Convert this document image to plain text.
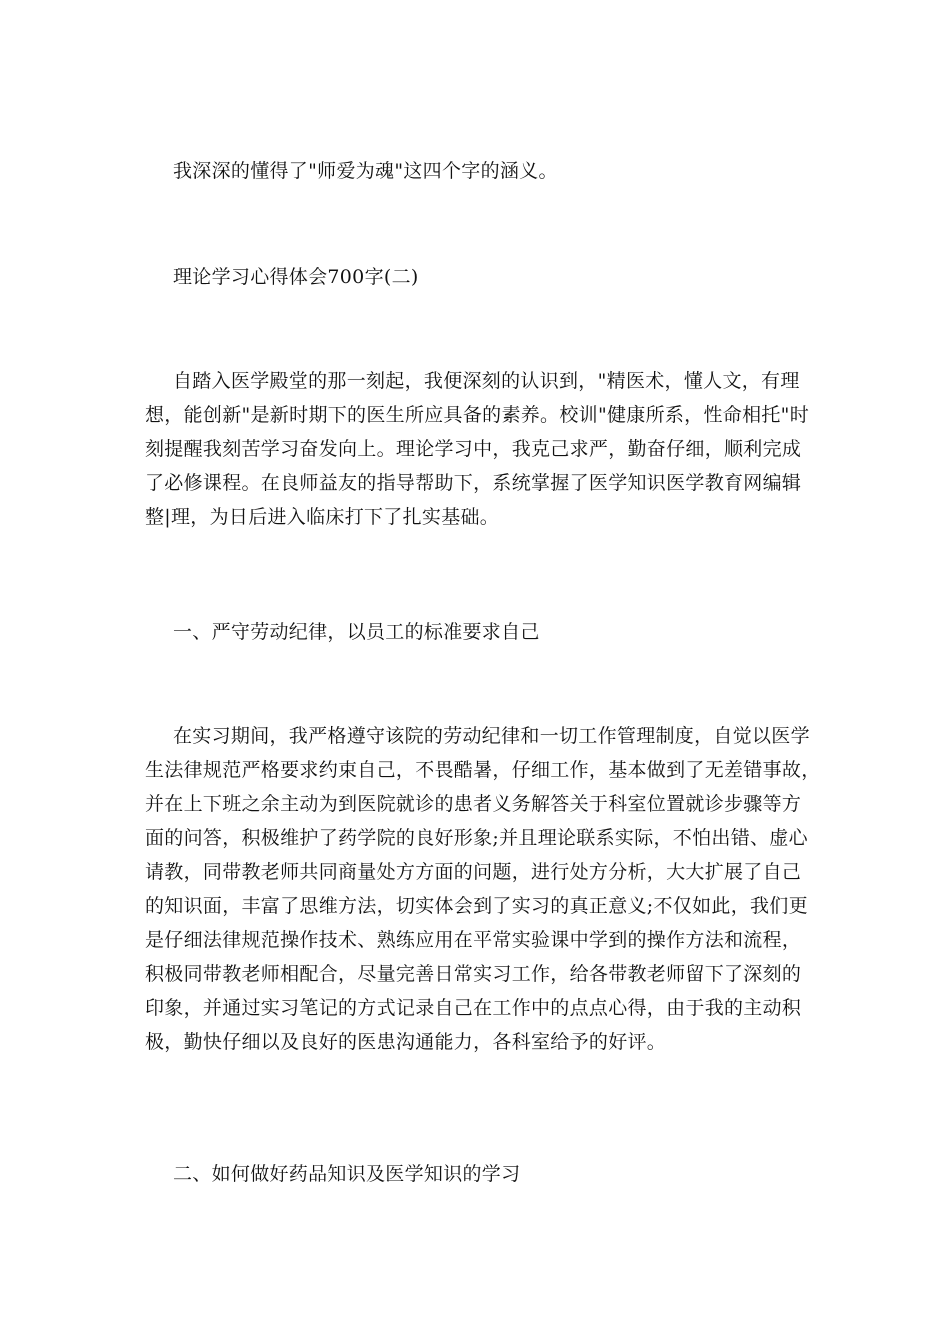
我深深的懂得了"师爱为魂"这四个字的涵义。
理论学习心得体会700字(二)
自踏入医学殿堂的那一刻起，我便深刻的认识到，"精医术，懂人文，有理
想，能创新"是新时期下的医生所应具备的素养。校训"健康所系，性命相托"时
刻提醒我刻苦学习奋发向上。理论学习中，我克己求严，勤奋仔细，顺利完成
了必修课程。在良师益友的指导帮助下，系统掌握了医学知识医学教育网编辑
整|理，为日后进入临床打下了扎实基础。
一、严守劳动纪律，以员工的标准要求自己
在实习期间，我严格遵守该院的劳动纪律和一切工作管理制度，自觉以医学
生法律规范严格要求约束自己，不畏酷暑，仔细工作，基本做到了无差错事故，
并在上下班之余主动为到医院就诊的患者义务解答关于科室位置就诊步骤等方
面的问答，积极维护了药学院的良好形象;并且理论联系实际，不怕出错、虚心
请教，同带教老师共同商量处方方面的问题，进行处方分析，大大扩展了自己
的知识面，丰富了思维方法，切实体会到了实习的真正意义;不仅如此，我们更
是仔细法律规范操作技术、熟练应用在平常实验课中学到的操作方法和流程，
积极同带教老师相配合，尽量完善日常实习工作，给各带教老师留下了深刻的
印象，并通过实习笔记的方式记录自己在工作中的点点心得，由于我的主动积
极，勤快仔细以及良好的医患沟通能力，各科室给予的好评。
二、如何做好药品知识及医学知识的学习
